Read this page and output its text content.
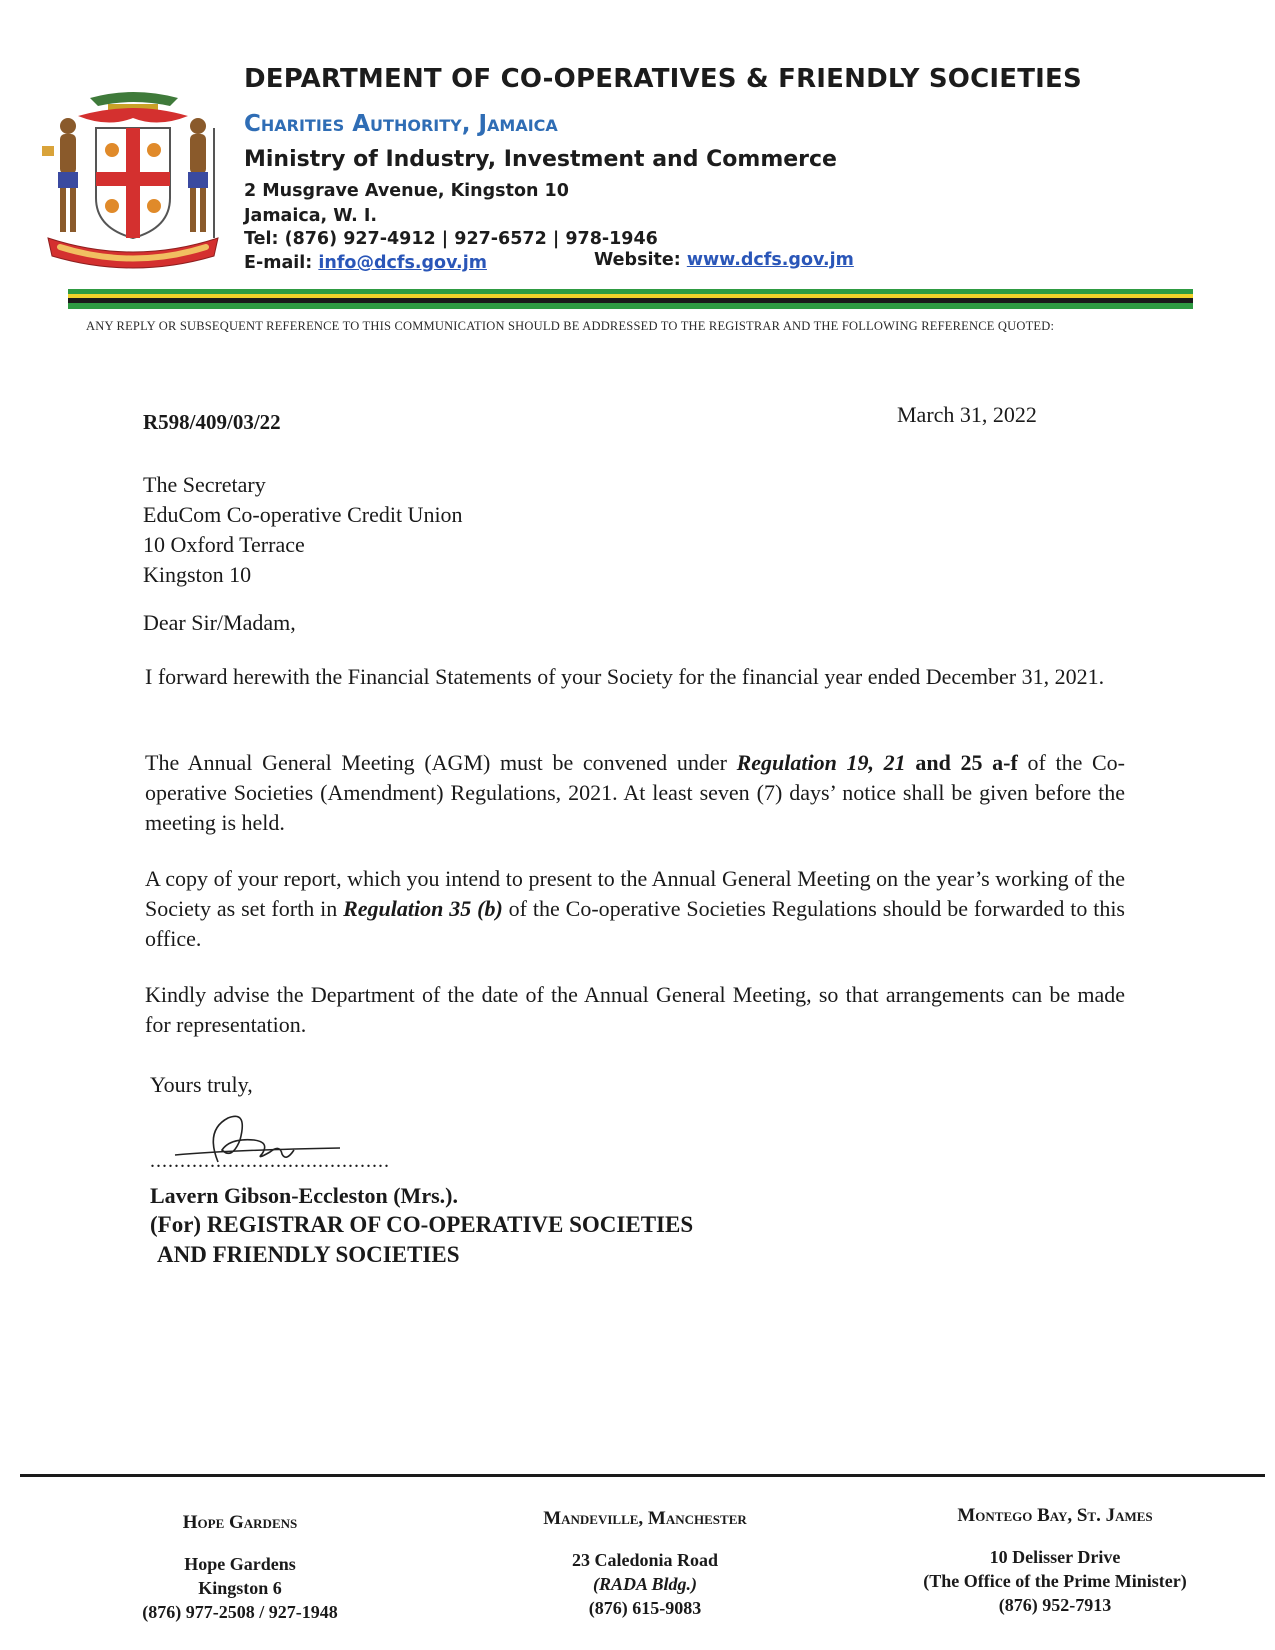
DEPARTMENT OF CO-OPERATIVES & FRIENDLY SOCIETIES
Charities Authority, Jamaica
Ministry of Industry, Investment and Commerce
2 Musgrave Avenue, Kingston 10
Jamaica, W. I.
Tel: (876) 927-4912 | 927-6572 | 978-1946
E-mail: info@dcfs.gov.jm	Website: www.dcfs.gov.jm
ANY REPLY OR SUBSEQUENT REFERENCE TO THIS COMMUNICATION SHOULD BE ADDRESSED TO THE REGISTRAR AND THE FOLLOWING REFERENCE QUOTED:
R598/409/03/22	March 31, 2022
The Secretary
EduCom Co-operative Credit Union
10 Oxford Terrace
Kingston 10
Dear Sir/Madam,
I forward herewith the Financial Statements of your Society for the financial year ended December 31, 2021.
The Annual General Meeting (AGM) must be convened under Regulation 19, 21 and 25 a-f of the Co-operative Societies (Amendment) Regulations, 2021. At least seven (7) days’ notice shall be given before the meeting is held.
A copy of your report, which you intend to present to the Annual General Meeting on the year’s working of the Society as set forth in Regulation 35 (b) of the Co-operative Societies Regulations should be forwarded to this office.
Kindly advise the Department of the date of the Annual General Meeting, so that arrangements can be made for representation.
Yours truly,
........................................
Lavern Gibson-Eccleston (Mrs.).
(For) REGISTRAR OF CO-OPERATIVE SOCIETIES
AND FRIENDLY SOCIETIES
Hope Gardens
Hope Gardens
Kingston 6
(876) 977-2508 / 927-1948
Mandeville, Manchester
23 Caledonia Road
(RADA Bldg.)
(876) 615-9083
Montego Bay, St. James
10 Delisser Drive
(The Office of the Prime Minister)
(876) 952-7913
